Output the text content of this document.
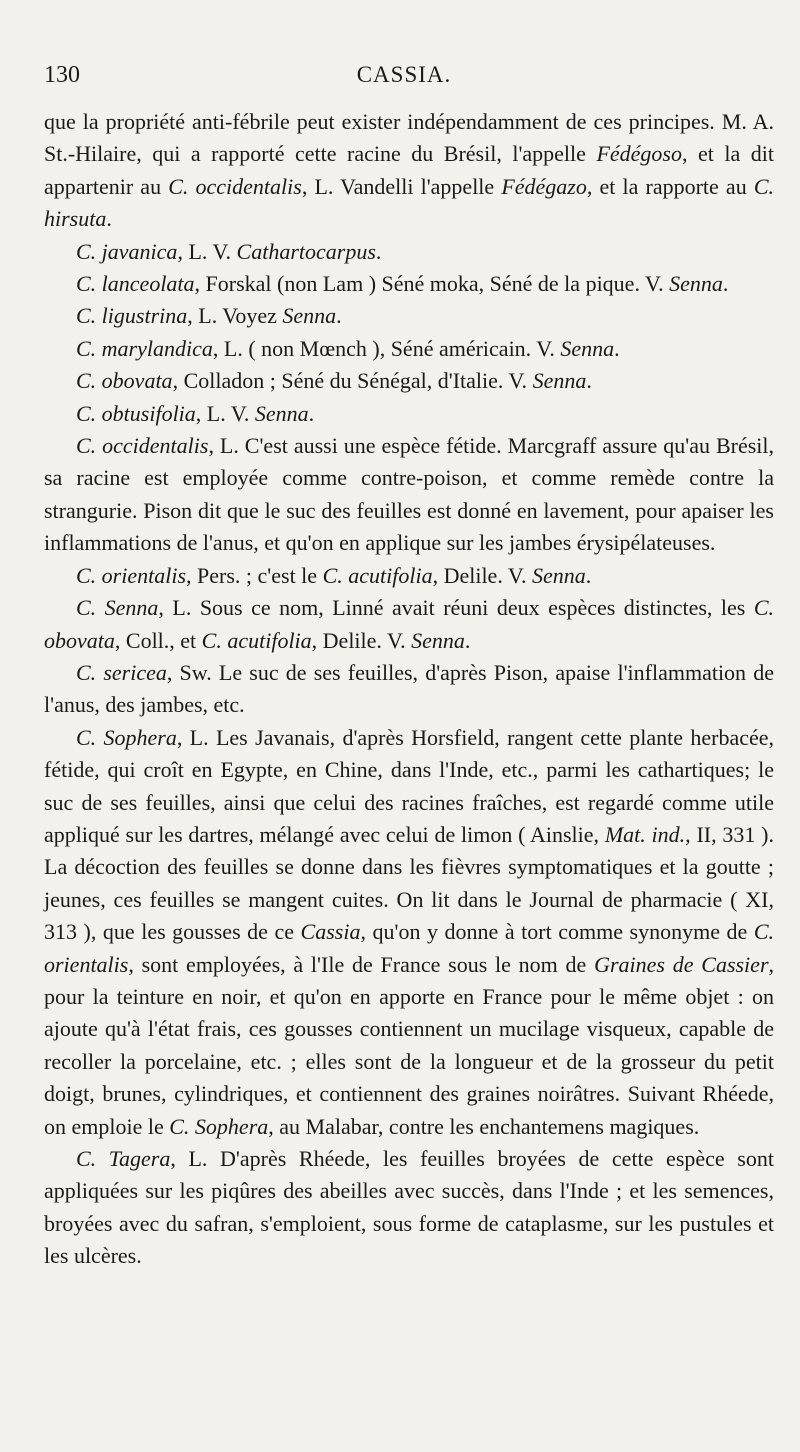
130	CASSIA.

que la propriété anti-fébrile peut exister indépendamment de ces principes. M. A. St.-Hilaire, qui a rapporté cette racine du Brésil, l'appelle Fédégoso, et la dit appartenir au C. occidentalis, L. Vandelli l'appelle Fédégazo, et la rapporte au C. hirsuta.

C. javanica, L. V. Cathartocarpus.

C. lanceolata, Forskal (non Lam ) Séné moka, Séné de la pique. V. Senna.

C. ligustrina, L. Voyez Senna.

C. marylandica, L. ( non Mœnch ), Séné américain. V. Senna.

C. obovata, Colladon ; Séné du Sénégal, d'Italie. V. Senna.

C. obtusifolia, L. V. Senna.

C. occidentalis, L. C'est aussi une espèce fétide. Marcgraff assure qu'au Brésil, sa racine est employée comme contre-poison, et comme remède contre la strangurie. Pison dit que le suc des feuilles est donné en lavement, pour apaiser les inflammations de l'anus, et qu'on en applique sur les jambes érysipélateuses.

C. orientalis, Pers. ; c'est le C. acutifolia, Delile. V. Senna.

C. Senna, L. Sous ce nom, Linné avait réuni deux espèces distinctes, les C. obovata, Coll., et C. acutifolia, Delile. V. Senna.

C. sericea, Sw. Le suc de ses feuilles, d'après Pison, apaise l'inflammation de l'anus, des jambes, etc.

C. Sophera, L. Les Javanais, d'après Horsfield, rangent cette plante herbacée, fétide, qui croît en Egypte, en Chine, dans l'Inde, etc., parmi les cathartiques; le suc de ses feuilles, ainsi que celui des racines fraîches, est regardé comme utile appliqué sur les dartres, mélangé avec celui de limon ( Ainslie, Mat. ind., II, 331 ). La décoction des feuilles se donne dans les fièvres symptomatiques et la goutte ; jeunes, ces feuilles se mangent cuites. On lit dans le Journal de pharmacie ( XI, 313 ), que les gousses de ce Cassia, qu'on y donne à tort comme synonyme de C. orientalis, sont employées, à l'Ile de France sous le nom de Graines de Cassier, pour la teinture en noir, et qu'on en apporte en France pour le même objet : on ajoute qu'à l'état frais, ces gousses contiennent un mucilage visqueux, capable de recoller la porcelaine, etc. ; elles sont de la longueur et de la grosseur du petit doigt, brunes, cylindriques, et contiennent des graines noirâtres. Suivant Rhéede, on emploie le C. Sophera, au Malabar, contre les enchantemens magiques.

C. Tagera, L. D'après Rhéede, les feuilles broyées de cette espèce sont appliquées sur les piqûres des abeilles avec succès, dans l'Inde ; et les semences, broyées avec du safran, s'emploient, sous forme de cataplasme, sur les pustules et les ulcères.
